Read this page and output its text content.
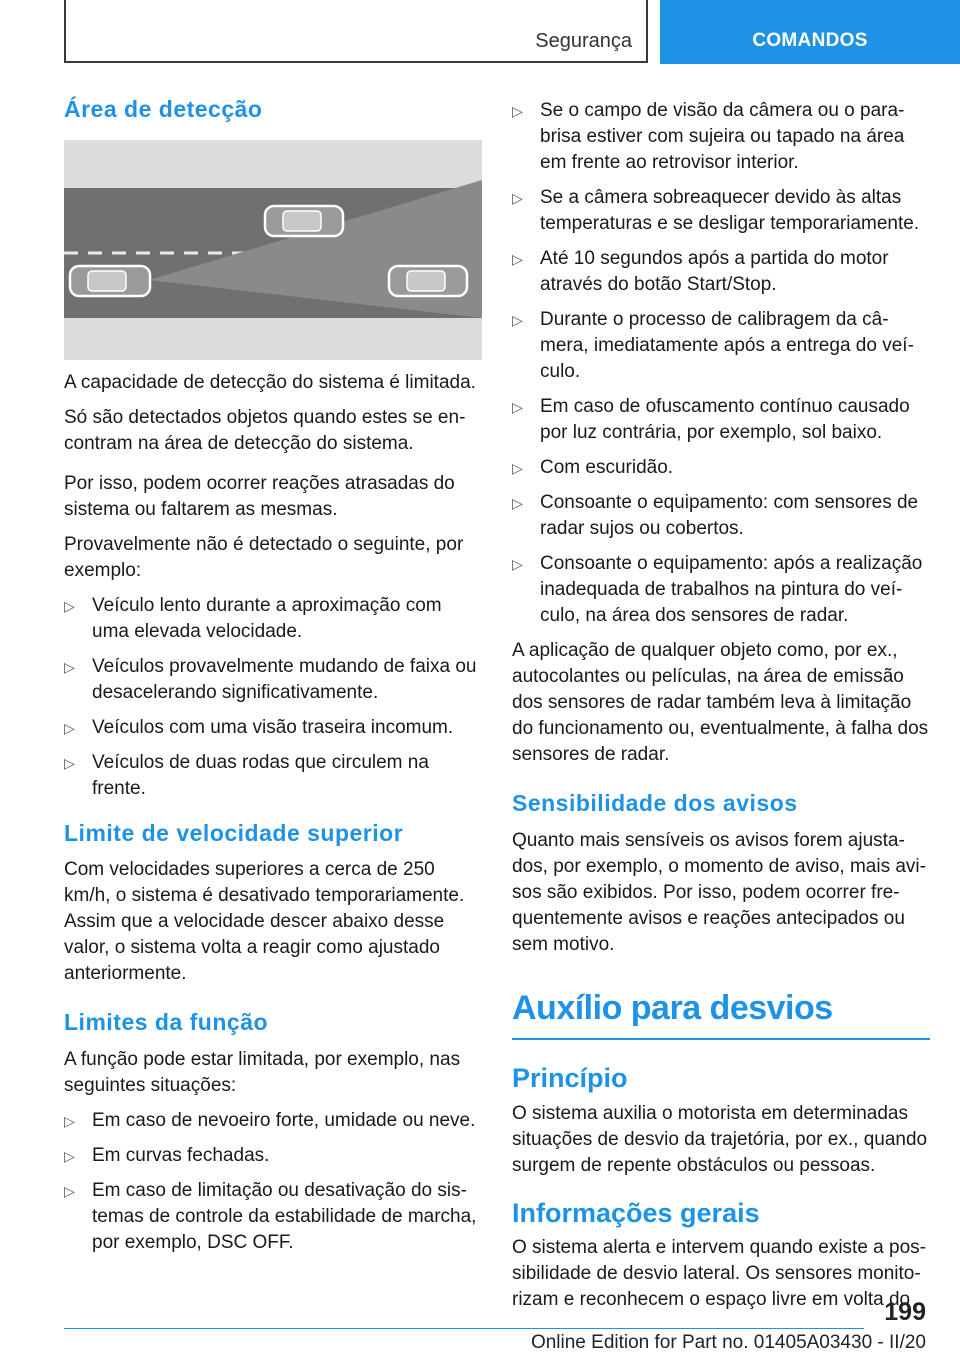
Segurança	COMANDOS
Área de detecção

A capacidade de detecção do sistema é limitada.

Só são detectados objetos quando estes se encontram na área de detecção do sistema.

Por isso, podem ocorrer reações atrasadas do sistema ou faltarem as mesmas.

Provavelmente não é detectado o seguinte, por exemplo:

▷ Veículo lento durante a aproximação com uma elevada velocidade.
▷ Veículos provavelmente mudando de faixa ou desacelerando significativamente.
▷ Veículos com uma visão traseira incomum.
▷ Veículos de duas rodas que circulem na frente.
Limite de velocidade superior

Com velocidades superiores a cerca de 250 km/h, o sistema é desativado temporariamente. Assim que a velocidade descer abaixo desse valor, o sistema volta a reagir como ajustado anteriormente.

Limites da função

A função pode estar limitada, por exemplo, nas seguintes situações:

▷ Em caso de nevoeiro forte, umidade ou neve.
▷ Em curvas fechadas.
▷ Em caso de limitação ou desativação do sistemas de controle da estabilidade de marcha, por exemplo, DSC OFF.
▷ Se o campo de visão da câmera ou o para-brisa estiver com sujeira ou tapado na área em frente ao retrovisor interior.
▷ Se a câmera sobreaquecer devido às altas temperaturas e se desligar temporariamente.
▷ Até 10 segundos após a partida do motor através do botão Start/Stop.
▷ Durante o processo de calibragem da câmera, imediatamente após a entrega do veículo.
▷ Em caso de ofuscamento contínuo causado por luz contrária, por exemplo, sol baixo.
▷ Com escuridão.
▷ Consoante o equipamento: com sensores de radar sujos ou cobertos.
▷ Consoante o equipamento: após a realização inadequada de trabalhos na pintura do veículo, na área dos sensores de radar.

A aplicação de qualquer objeto como, por ex., autocolantes ou películas, na área de emissão dos sensores de radar também leva à limitação do funcionamento ou, eventualmente, à falha dos sensores de radar.

Sensibilidade dos avisos

Quanto mais sensíveis os avisos forem ajustados, por exemplo, o momento de aviso, mais avisos são exibidos. Por isso, podem ocorrer frequentemente avisos e reações antecipados ou sem motivo.

Auxílio para desvios
Princípio

O sistema auxilia o motorista em determinadas situações de desvio da trajetória, por ex., quando surgem de repente obstáculos ou pessoas.

Informações gerais

O sistema alerta e intervem quando existe a possibilidade de desvio lateral. Os sensores monitorizam e reconhecem o espaço livre em volta do

199
Online Edition for Part no. 01405A03430 - II/20
